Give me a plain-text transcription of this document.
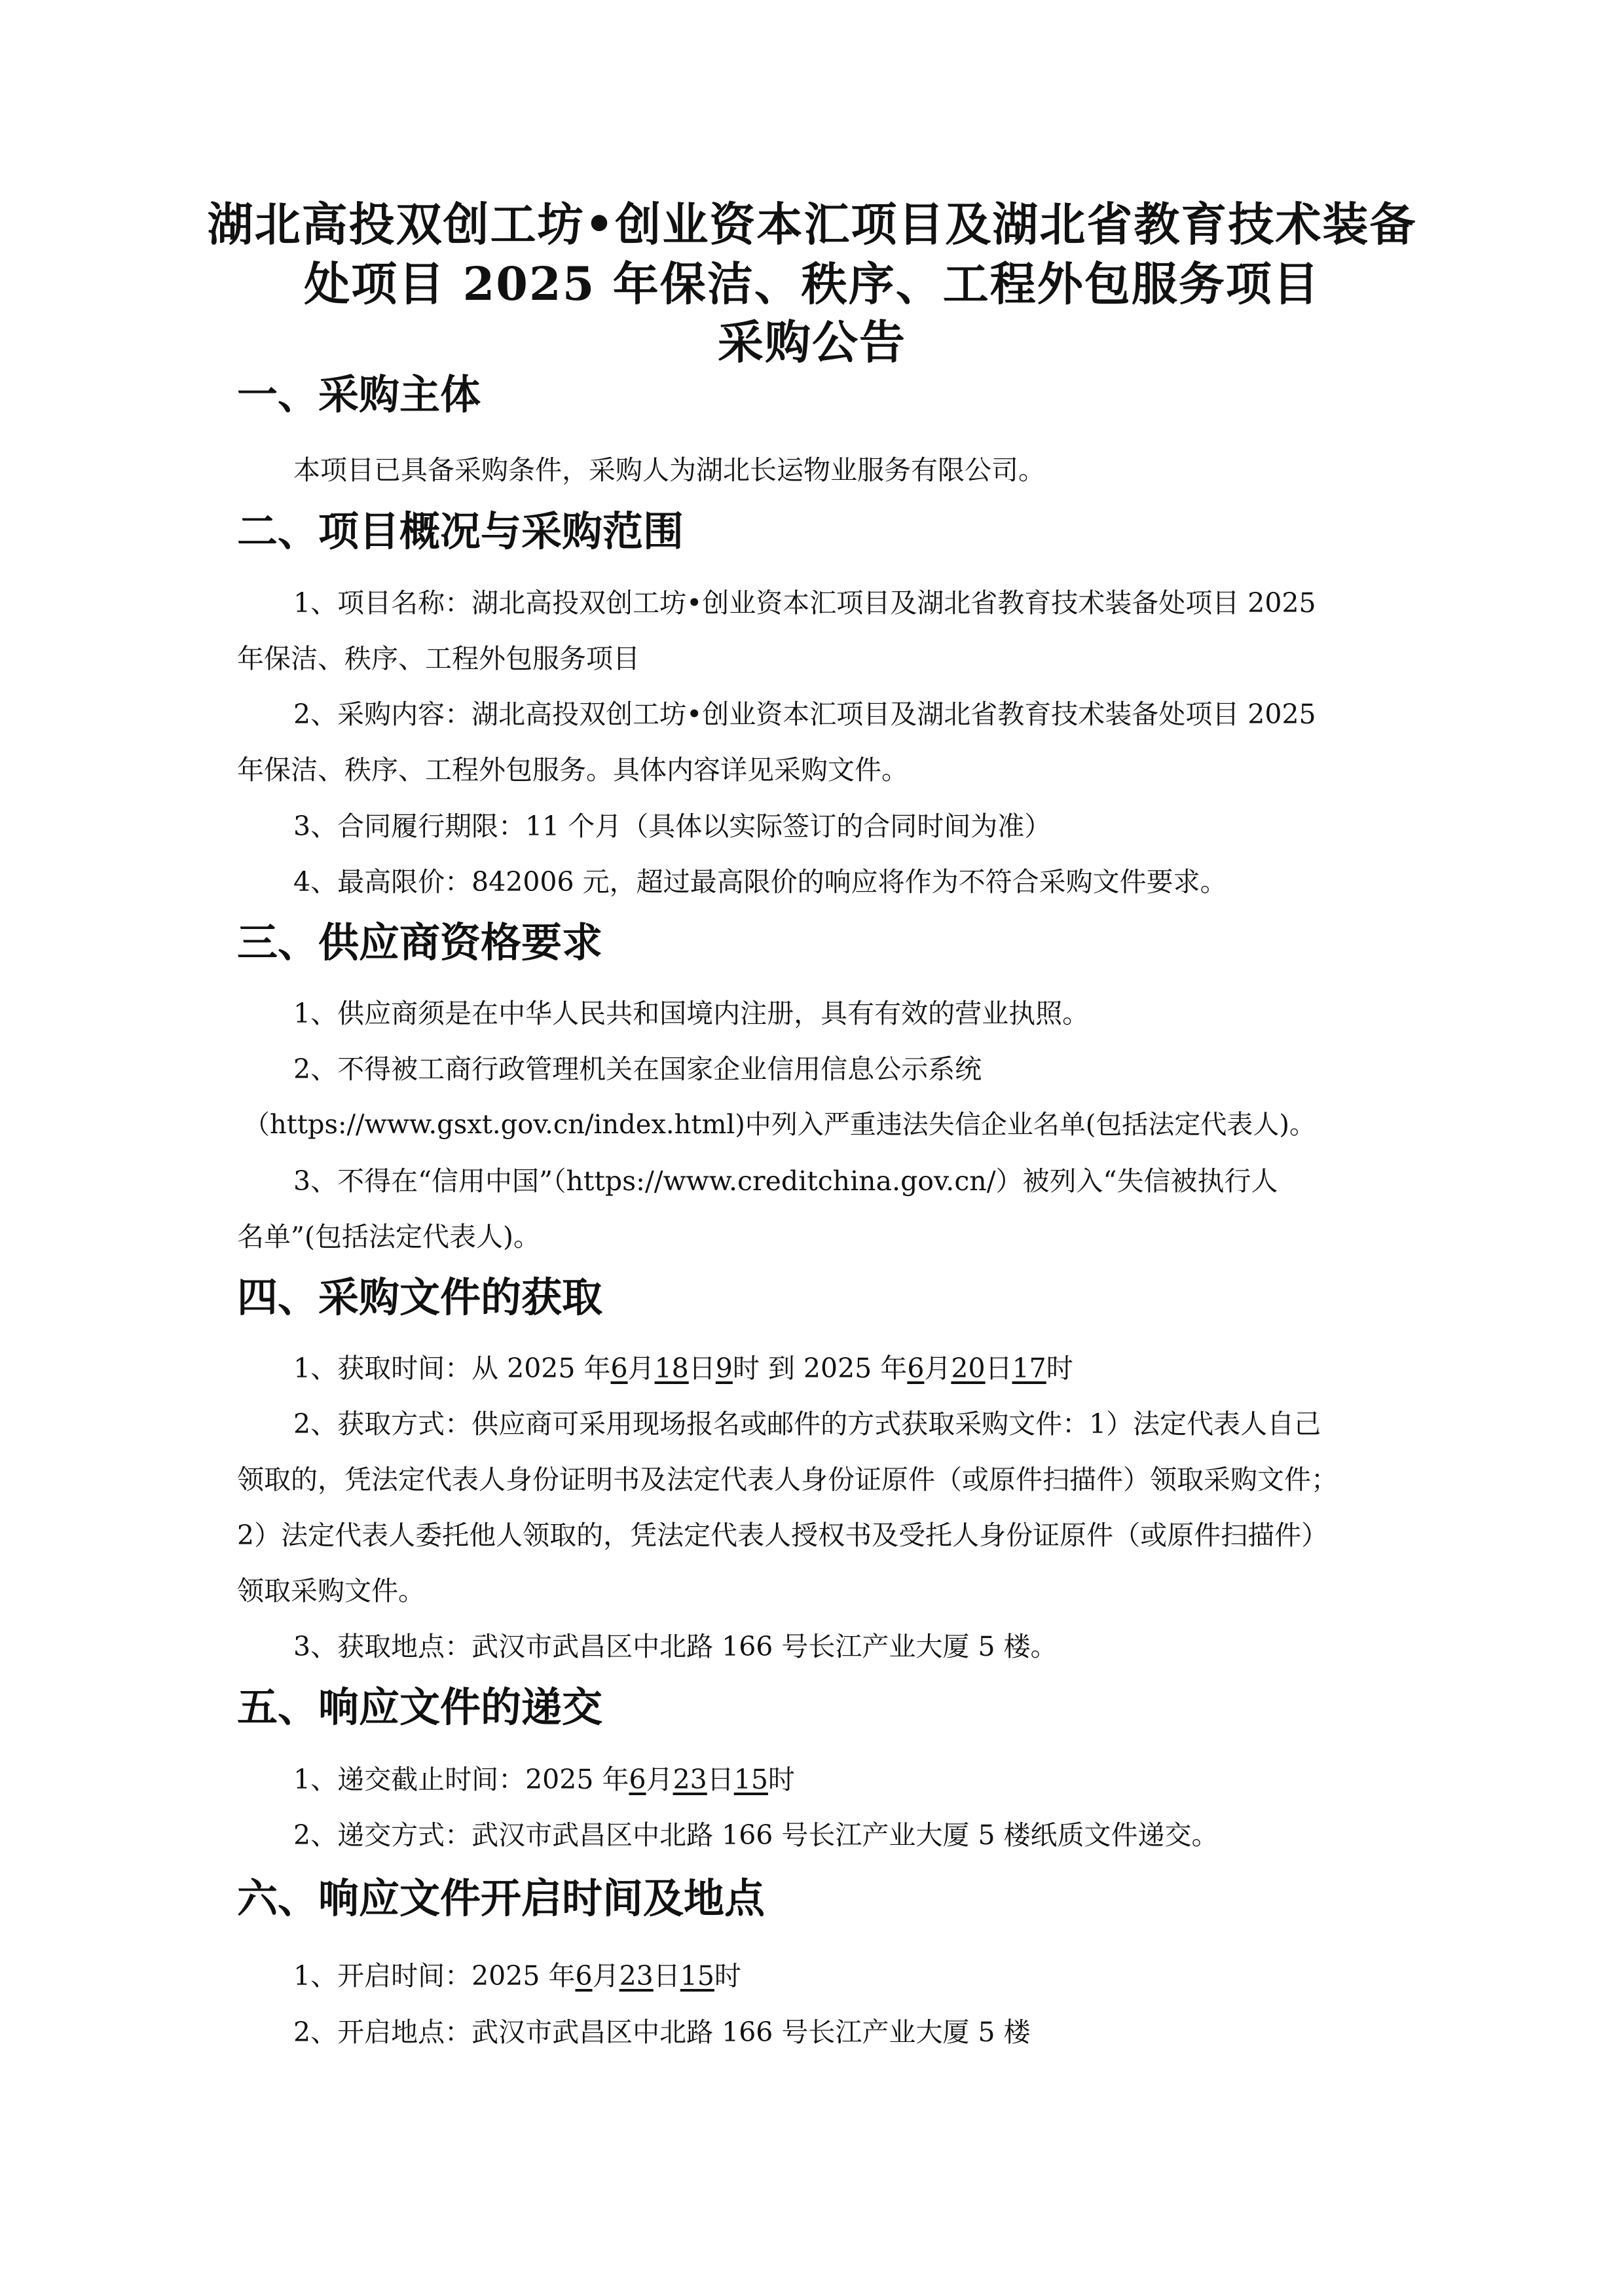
湖北高投双创工坊•创业资本汇项目及湖北省教育技术装备
处项目 2025 年保洁、秩序、工程外包服务项目
采购公告
一、采购主体
本项目已具备采购条件，采购人为湖北长运物业服务有限公司。
二、项目概况与采购范围
1、项目名称：湖北高投双创工坊•创业资本汇项目及湖北省教育技术装备处项目 2025
年保洁、秩序、工程外包服务项目
2、采购内容：湖北高投双创工坊•创业资本汇项目及湖北省教育技术装备处项目 2025
年保洁、秩序、工程外包服务。具体内容详见采购文件。
3、合同履行期限：11 个月（具体以实际签订的合同时间为准）
4、最高限价：842006 元，超过最高限价的响应将作为不符合采购文件要求。
三、供应商资格要求
1、供应商须是在中华人民共和国境内注册，具有有效的营业执照。
2、不得被工商行政管理机关在国家企业信用信息公示系统
（https://www.gsxt.gov.cn/index.html)中列入严重违法失信企业名单(包括法定代表人)。
3、不得在“信用中国”（https://www.creditchina.gov.cn/）被列入“失信被执行人
名单”(包括法定代表人)。
四、采购文件的获取
1、获取时间：从 2025 年6月18日9时 到 2025 年6月20日17时
2、获取方式：供应商可采用现场报名或邮件的方式获取采购文件：1）法定代表人自己
领取的，凭法定代表人身份证明书及法定代表人身份证原件（或原件扫描件）领取采购文件；
2）法定代表人委托他人领取的，凭法定代表人授权书及受托人身份证原件（或原件扫描件）
领取采购文件。
3、获取地点：武汉市武昌区中北路 166 号长江产业大厦 5 楼。
五、响应文件的递交
1、递交截止时间：2025 年6月23日15时
2、递交方式：武汉市武昌区中北路 166 号长江产业大厦 5 楼纸质文件递交。
六、响应文件开启时间及地点
1、开启时间：2025 年6月23日15时
2、开启地点：武汉市武昌区中北路 166 号长江产业大厦 5 楼
